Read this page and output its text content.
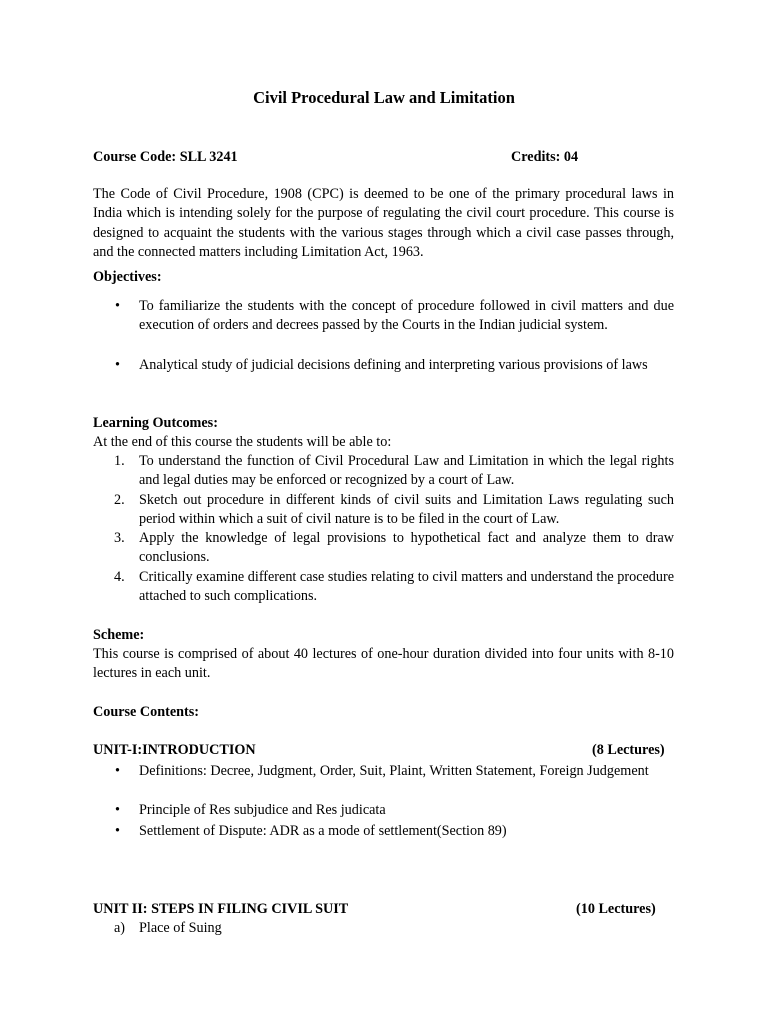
Civil Procedural Law and Limitation
Course Code: SLL 3241	Credits: 04
The Code of Civil Procedure, 1908 (CPC) is deemed to be one of the primary procedural laws in India which is intending solely for the purpose of regulating the civil court procedure. This course is designed to acquaint the students with the various stages through which a civil case passes through, and the connected matters including Limitation Act, 1963.
Objectives:
•	To familiarize the students with the concept of procedure followed in civil matters and due execution of orders and decrees passed by the Courts in the Indian judicial system.
•	Analytical study of judicial decisions defining and interpreting various provisions of laws
Learning Outcomes:
At the end of this course the students will be able to:
1. To understand the function of Civil Procedural Law and Limitation in which the legal rights and legal duties may be enforced or recognized by a court of Law.
2. Sketch out procedure in different kinds of civil suits and Limitation Laws regulating such period within which a suit of civil nature is to be filed in the court of Law.
3. Apply the knowledge of legal provisions to hypothetical fact and analyze them to draw conclusions.
4. Critically examine different case studies relating to civil matters and understand the procedure attached to such complications.
Scheme:
This course is comprised of about 40 lectures of one-hour duration divided into four units with 8-10 lectures in each unit.
Course Contents:
UNIT-I:INTRODUCTION	(8 Lectures)
•	Definitions: Decree, Judgment, Order, Suit, Plaint, Written Statement, Foreign Judgement
•	Principle of Res subjudice and Res judicata
•	Settlement of Dispute: ADR as a mode of settlement(Section 89)
UNIT II: STEPS IN FILING CIVIL SUIT	(10 Lectures)
a) Place of Suing
